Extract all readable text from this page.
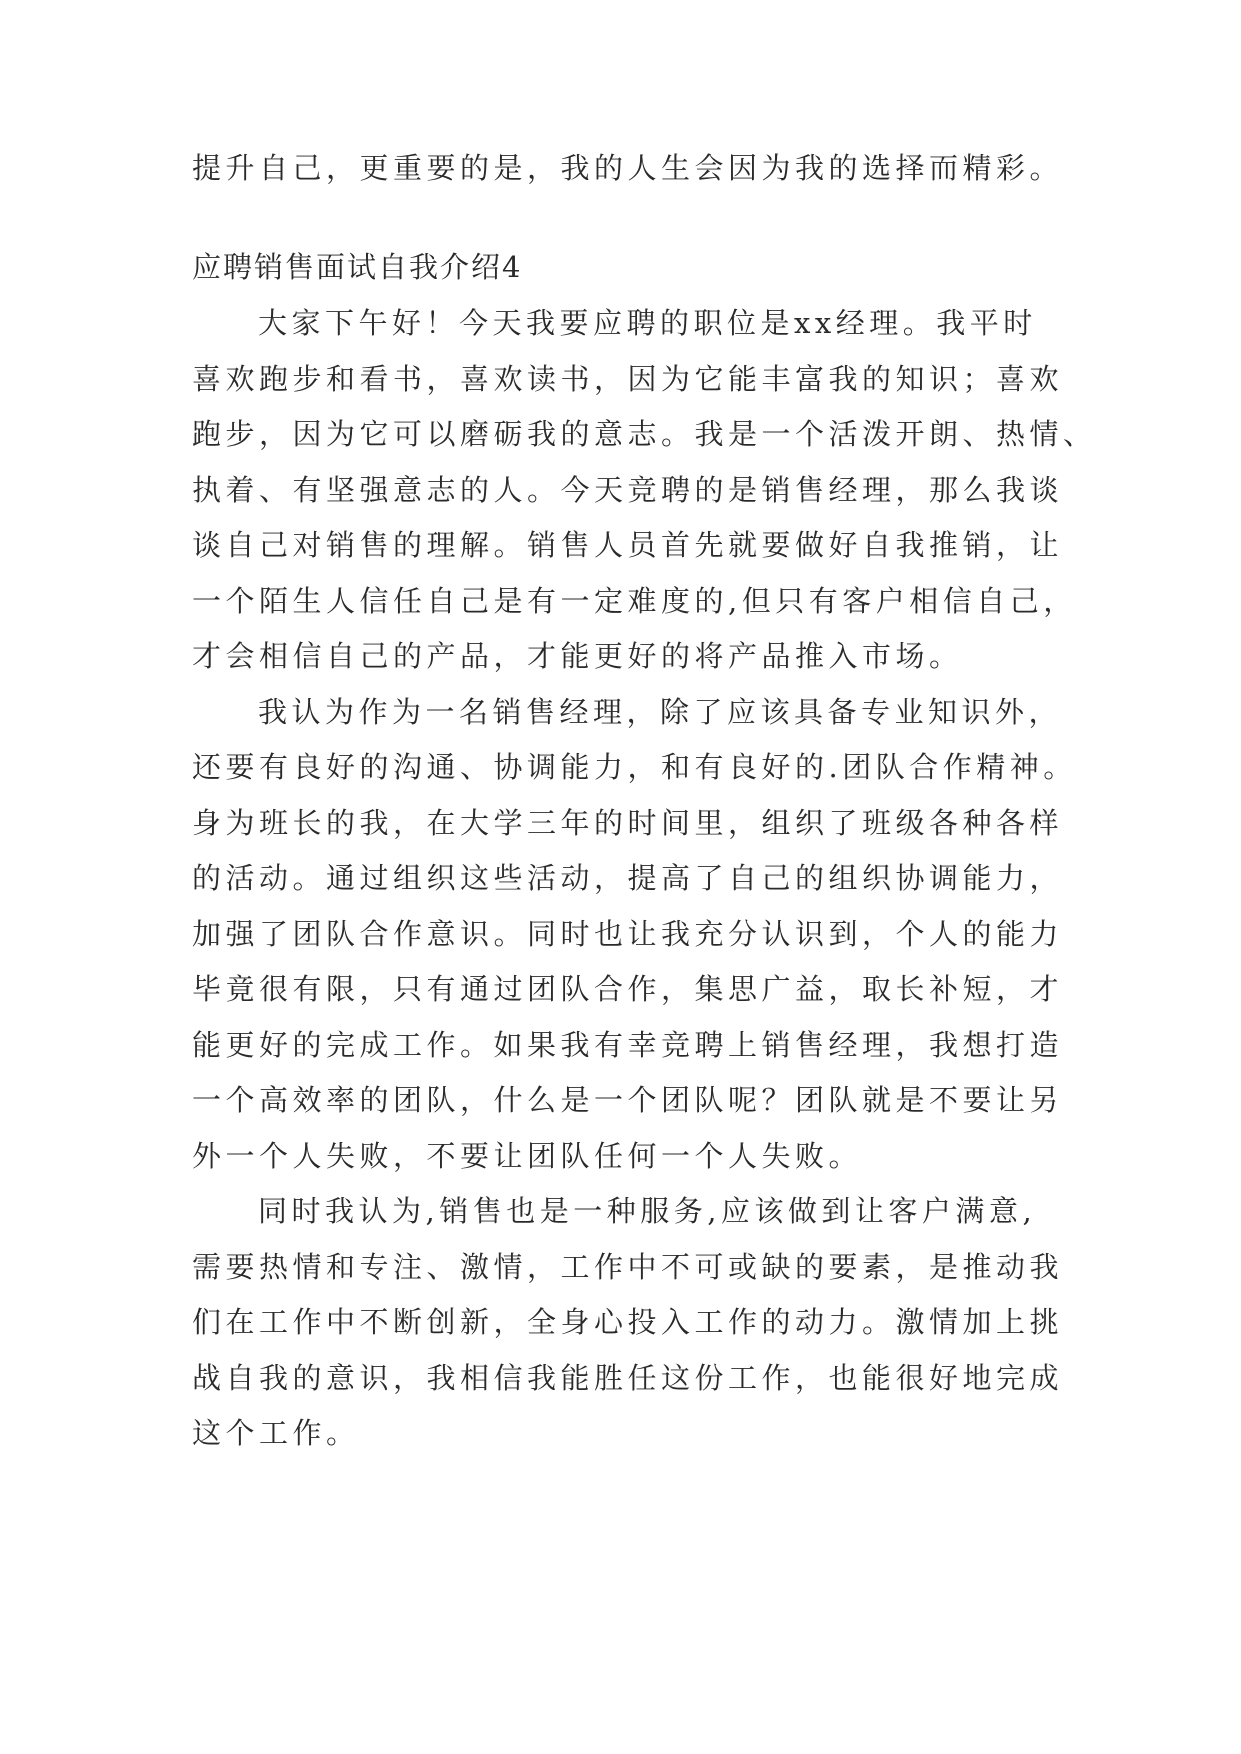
提升自己，更重要的是，我的人生会因为我的选择而精彩。
应聘销售面试自我介绍4
大家下午好！今天我要应聘的职位是xx经理。我平时
喜欢跑步和看书，喜欢读书，因为它能丰富我的知识；喜欢
跑步，因为它可以磨砺我的意志。我是一个活泼开朗、热情、
执着、有坚强意志的人。今天竞聘的是销售经理，那么我谈
谈自己对销售的理解。销售人员首先就要做好自我推销，让
一个陌生人信任自己是有一定难度的,但只有客户相信自己，
才会相信自己的产品，才能更好的将产品推入市场。
我认为作为一名销售经理，除了应该具备专业知识外，
还要有良好的沟通、协调能力，和有良好的.团队合作精神。
身为班长的我，在大学三年的时间里，组织了班级各种各样
的活动。通过组织这些活动，提高了自己的组织协调能力，
加强了团队合作意识。同时也让我充分认识到，个人的能力
毕竟很有限，只有通过团队合作，集思广益，取长补短，才
能更好的完成工作。如果我有幸竞聘上销售经理，我想打造
一个高效率的团队，什么是一个团队呢？团队就是不要让另
外一个人失败，不要让团队任何一个人失败。
同时我认为,销售也是一种服务,应该做到让客户满意,
需要热情和专注、激情，工作中不可或缺的要素，是推动我
们在工作中不断创新，全身心投入工作的动力。激情加上挑
战自我的意识，我相信我能胜任这份工作，也能很好地完成
这个工作。
